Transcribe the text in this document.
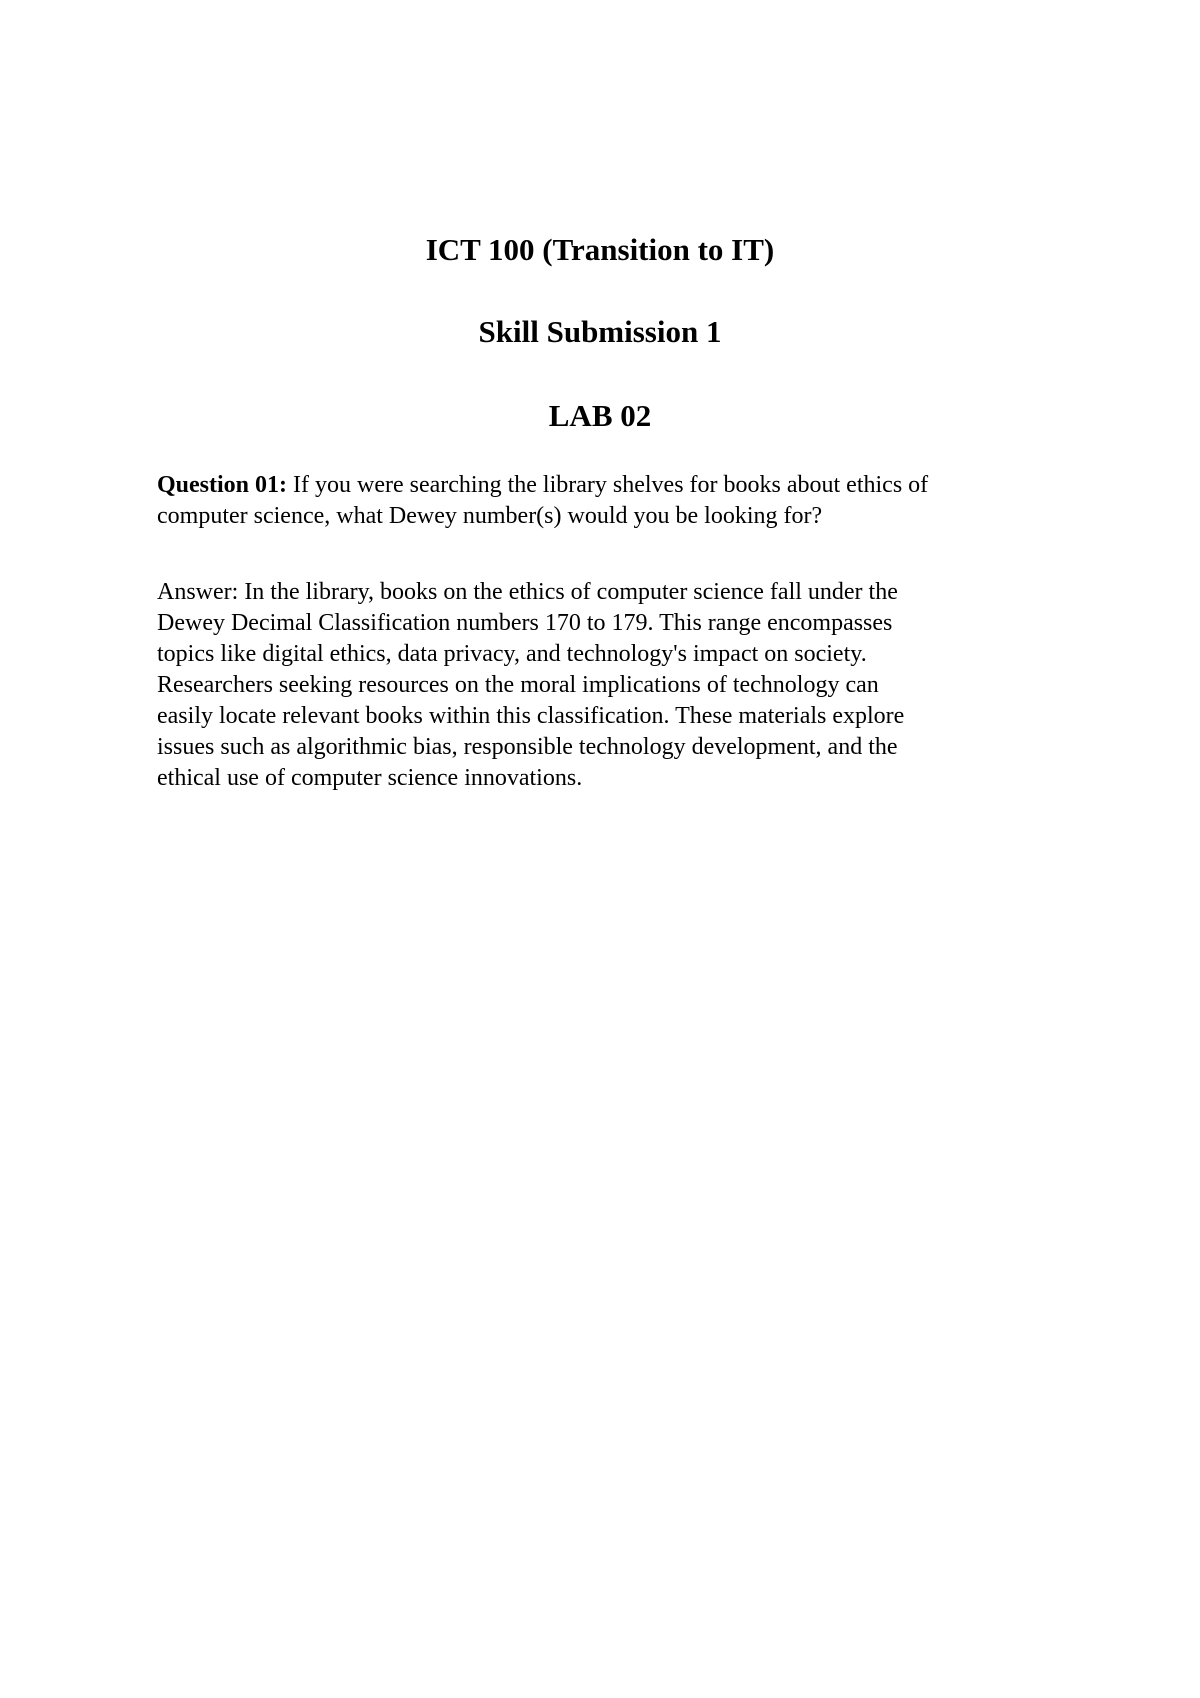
ICT 100 (Transition to IT)
Skill Submission 1
LAB 02

Question 01: If you were searching the library shelves for books about ethics of
computer science, what Dewey number(s) would you be looking for?

Answer: In the library, books on the ethics of computer science fall under the
Dewey Decimal Classification numbers 170 to 179. This range encompasses
topics like digital ethics, data privacy, and technology's impact on society.
Researchers seeking resources on the moral implications of technology can
easily locate relevant books within this classification. These materials explore
issues such as algorithmic bias, responsible technology development, and the
ethical use of computer science innovations.
